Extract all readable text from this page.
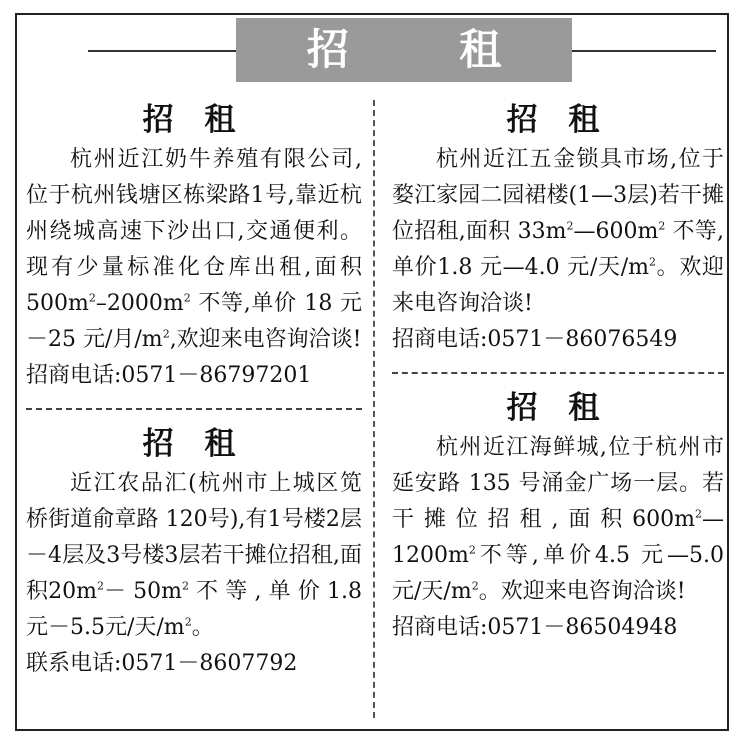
招 租
招 租

杭州近江奶牛养殖有限公司,位于杭州钱塘区栋梁路1号,靠近杭州绕城高速下沙出口,交通便利。现有少量标准化仓库出租,面积 $500m^2-2000m^2$ 不等,单价 18 元－25 元/月$/m^2$,欢迎来电咨询洽谈!

招商电话:0571－86797201

招 租

近江农品汇(杭州市上城区笕桥街道俞章路 120号),有1号楼2层－4层及3号楼3层若干摊位招租,面积$20m^2- 50m^2$ 不 等 , 单 价 1.8元－5.5元/天$/m^2$。

联系电话:0571－8607792

招 租

杭州近江五金锁具市场,位于婺江家园二园裙楼(1—3层)若干摊位招租,面积 $33m^2—600m^2$ 不等,单价1.8 元—4.0 元/天$/m^2$。欢迎来电咨询洽谈!

招商电话:0571－86076549

招 租

杭州近江海鲜城,位于杭州市延安路 135 号涌金广场一层。若干摊位招租,面积$600m^2—1200m^2$不等,单价4.5 元—5.0 元/天$/m^2$。欢迎来电咨询洽谈!

招商电话:0571－86504948
